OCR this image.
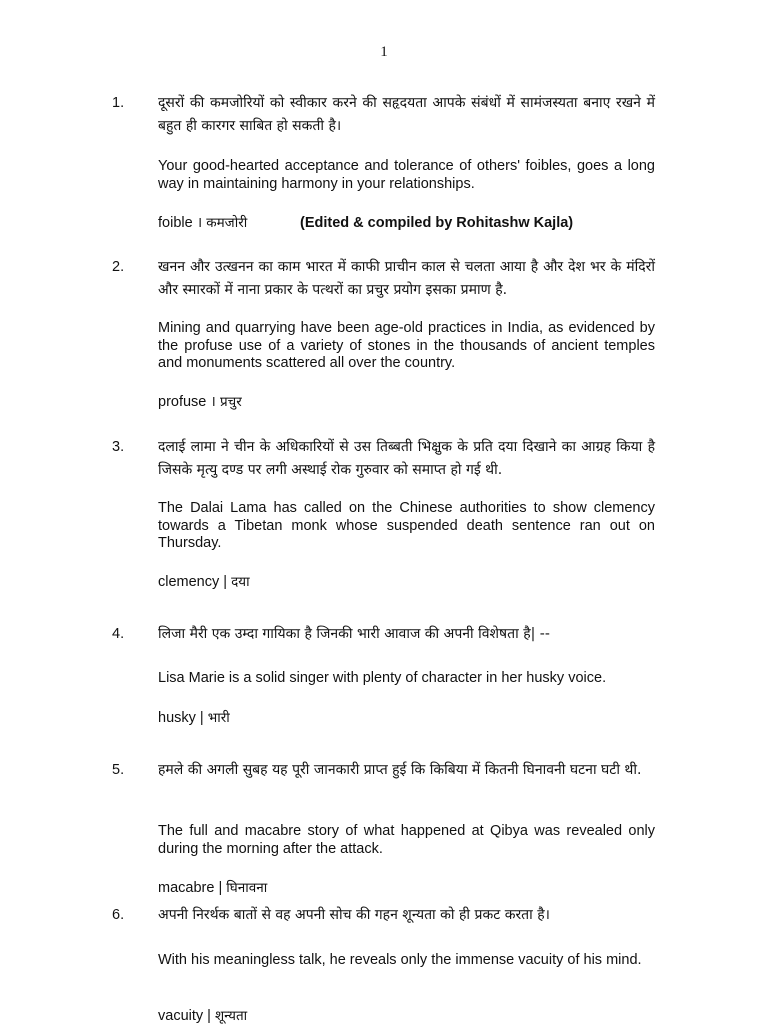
1
1. दूसरों की कमजोरियों को स्वीकार करने की सहृदयता आपके संबंधों में सामंजस्यता बनाए रखने में बहुत ही कारगर साबित हो सकती है।
Your good-hearted acceptance and tolerance of others' foibles, goes a long way in maintaining harmony in your relationships.
foible । कमजोरी	(Edited & compiled by Rohitashw Kajla)
2. खनन और उत्खनन का काम भारत में काफी प्राचीन काल से चलता आया है और देश भर के मंदिरों और स्मारकों में नाना प्रकार के पत्थरों का प्रचुर प्रयोग इसका प्रमाण है.
Mining and quarrying have been age-old practices in India, as evidenced by the profuse use of a variety of stones in the thousands of ancient temples and monuments scattered all over the country.
profuse । प्रचुर
3. दलाई लामा ने चीन के अधिकारियों से उस तिब्बती भिक्षुक के प्रति दया दिखाने का आग्रह किया है जिसके मृत्यु दण्ड पर लगी अस्थाई रोक गुरुवार को समाप्त हो गई थी.
The Dalai Lama has called on the Chinese authorities to show clemency towards a Tibetan monk whose suspended death sentence ran out on Thursday.
clemency | दया
4. लिजा मैरी एक उम्दा गायिका है जिनकी भारी आवाज की अपनी विशेषता है| --
Lisa Marie is a solid singer with plenty of character in her husky voice.
husky | भारी
5. हमले की अगली सुबह यह पूरी जानकारी प्राप्त हुई कि किबिया में कितनी घिनावनी घटना घटी थी.
The full and macabre story of what happened at Qibya was revealed only during the morning after the attack.
macabre | घिनावना
6. अपनी निरर्थक बातों से वह अपनी सोच की गहन शून्यता को ही प्रकट करता है।
With his meaningless talk, he reveals only the immense vacuity of his mind.
vacuity | शून्यता
